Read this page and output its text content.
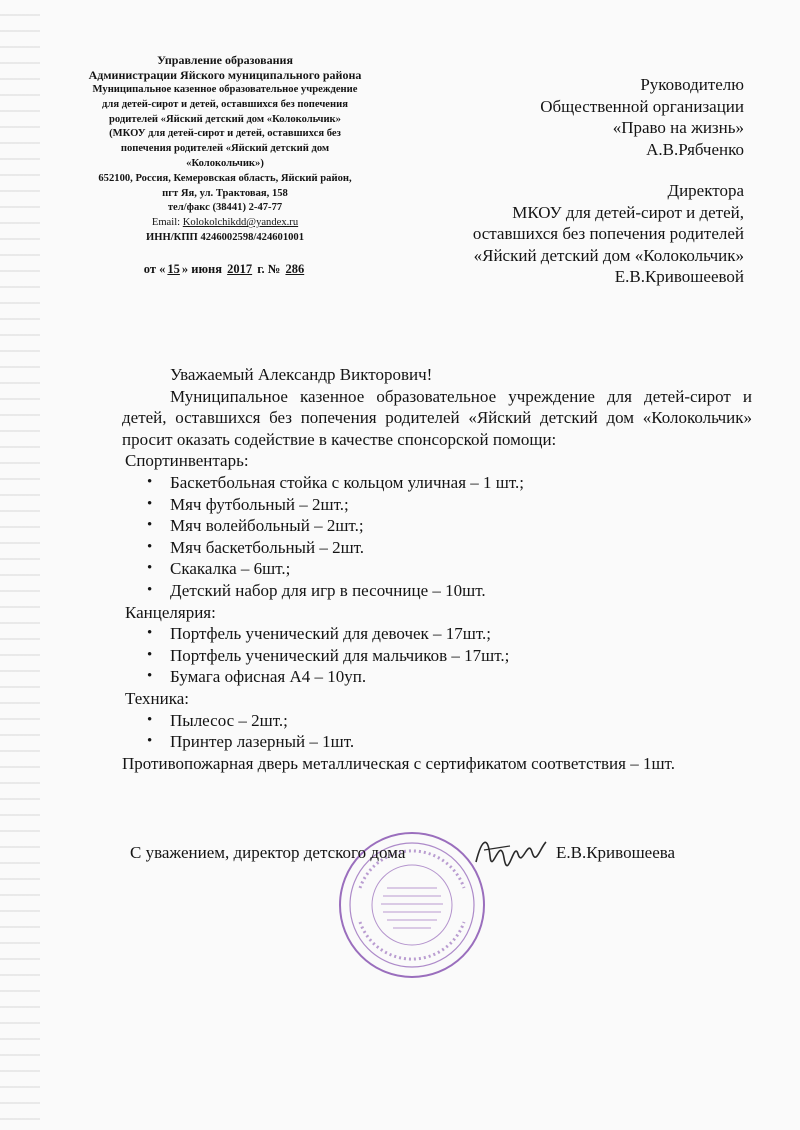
Управление образования
Администрации Яйского муниципального района
Муниципальное казенное образовательное учреждение
для детей-сирот и детей, оставшихся без попечения
родителей «Яйский детский дом «Колокольчик»
(МКОУ для детей-сирот и детей, оставшихся без
попечения родителей «Яйский детский дом
«Колокольчик»)
652100, Россия, Кемеровская область, Яйский район,
пгт Яя, ул. Трактовая, 158
тел/факс (38441) 2-47-77
Email: Kolokolchikdd@yandex.ru
ИНН/КПП 4246002598/424601001
от « 15 » июня 2017 г. № 286
Руководителю
Общественной организации
«Право на жизнь»
А.В.Рябченко
Директора
МКОУ для детей-сирот и детей,
оставшихся без попечения родителей
«Яйский детский дом «Колокольчик»
Е.В.Кривошеевой

Уважаемый Александр Викторович!

Муниципальное казенное образовательное учреждение для детей-сирот и детей, оставшихся без попечения родителей «Яйский детский дом «Колокольчик» просит оказать содействие в качестве спонсорской помощи:

Спортинвентарь:
• Баскетбольная стойка с кольцом уличная – 1 шт.;
• Мяч футбольный – 2шт.;
• Мяч волейбольный – 2шт.;
• Мяч баскетбольный – 2шт.
• Скакалка – 6шт.;
• Детский набор для игр в песочнице – 10шт.
Канцелярия:
• Портфель ученический для девочек – 17шт.;
• Портфель ученический для мальчиков – 17шт.;
• Бумага офисная А4 – 10уп.
Техника:
• Пылесос – 2шт.;
• Принтер лазерный – 1шт.

Противопожарная дверь металлическая с сертификатом соответствия – 1шт.

С уважением, директор детского дома	Е.В.Кривошеева
